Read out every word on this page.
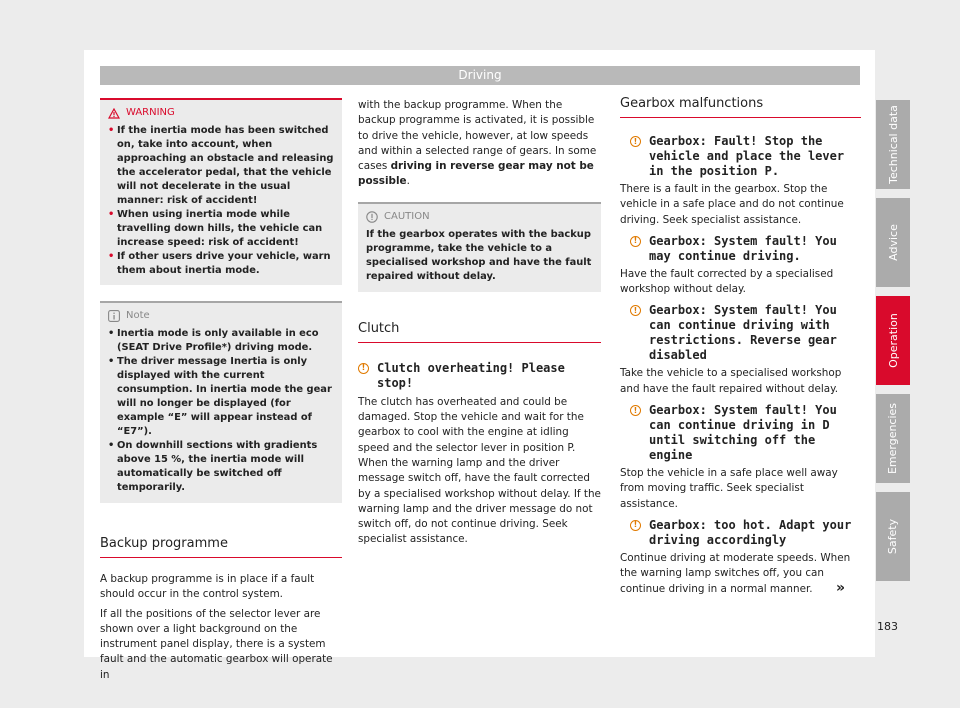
Driving
WARNING
• If the inertia mode has been switched on, take into account, when approaching an obstacle and releasing the accelerator pedal, that the vehicle will not decelerate in the usual manner: risk of accident!
• When using inertia mode while travelling down hills, the vehicle can increase speed: risk of accident!
• If other users drive your vehicle, warn them about inertia mode.
Note
• Inertia mode is only available in eco (SEAT Drive Profile*) driving mode.
• The driver message Inertia is only displayed with the current consumption. In inertia mode the gear will no longer be displayed (for example “E” will appear instead of “E7”).
• On downhill sections with gradients above 15 %, the inertia mode will automatically be switched off temporarily.
Backup programme

A backup programme is in place if a fault should occur in the control system.

If all the positions of the selector lever are shown over a light background on the instrument panel display, there is a system fault and the automatic gearbox will operate in

with the backup programme. When the backup programme is activated, it is possible to drive the vehicle, however, at low speeds and within a selected range of gears. In some cases driving in reverse gear may not be possible.

CAUTION

If the gearbox operates with the backup programme, take the vehicle to a specialised workshop and have the fault repaired without delay.

Clutch
! Clutch overheating! Please stop!

The clutch has overheated and could be damaged. Stop the vehicle and wait for the gearbox to cool with the engine at idling speed and the selector lever in position P. When the warning lamp and the driver message switch off, have the fault corrected by a specialised workshop without delay. If the warning lamp and the driver message do not switch off, do not continue driving. Seek specialist assistance.

Gearbox malfunctions
! Gearbox: Fault! Stop the vehicle and place the lever in the position P.

There is a fault in the gearbox. Stop the vehicle in a safe place and do not continue driving. Seek specialist assistance.

! Gearbox: System fault! You may continue driving.

Have the fault corrected by a specialised workshop without delay.

! Gearbox: System fault! You can continue driving with restrictions. Reverse gear disabled

Take the vehicle to a specialised workshop and have the fault repaired without delay.

! Gearbox: System fault! You can continue driving in D until switching off the engine

Stop the vehicle in a safe place well away from moving traffic. Seek specialist assistance.

! Gearbox: too hot. Adapt your driving accordingly

Continue driving at moderate speeds. When the warning lamp switches off, you can continue driving in a normal manner.	»
Technical data
Advice
Operation
Emergencies
Safety
183
